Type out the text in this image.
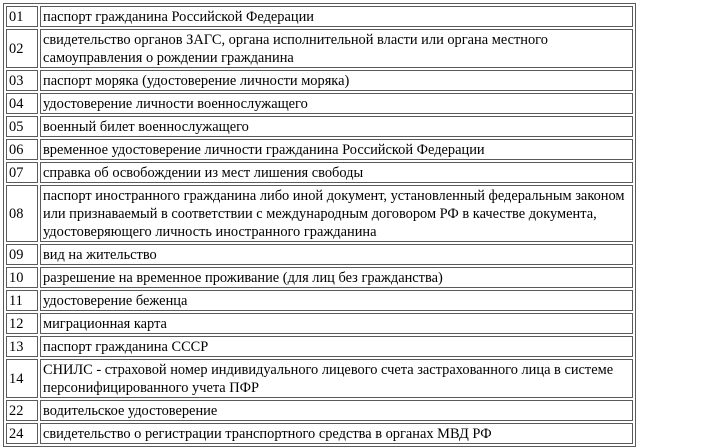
01	паспорт гражданина Российской Федерации
02	свидетельство органов ЗАГС, органа исполнительной власти или органа местного самоуправления о рождении гражданина
03	паспорт моряка (удостоверение личности моряка)
04	удостоверение личности военнослужащего
05	военный билет военнослужащего
06	временное удостоверение личности гражданина Российской Федерации
07	справка об освобождении из мест лишения свободы
08	паспорт иностранного гражданина либо иной документ, установленный федеральным законом или признаваемый в соответствии с международным договором РФ в качестве документа, удостоверяющего личность иностранного гражданина
09	вид на жительство
10	разрешение на временное проживание (для лиц без гражданства)
11	удостоверение беженца
12	миграционная карта
13	паспорт гражданина СССР
14	СНИЛС - страховой номер индивидуального лицевого счета застрахованного лица в системе персонифицированного учета ПФР
22	водительское удостоверение
24	свидетельство о регистрации транспортного средства в органах МВД РФ
